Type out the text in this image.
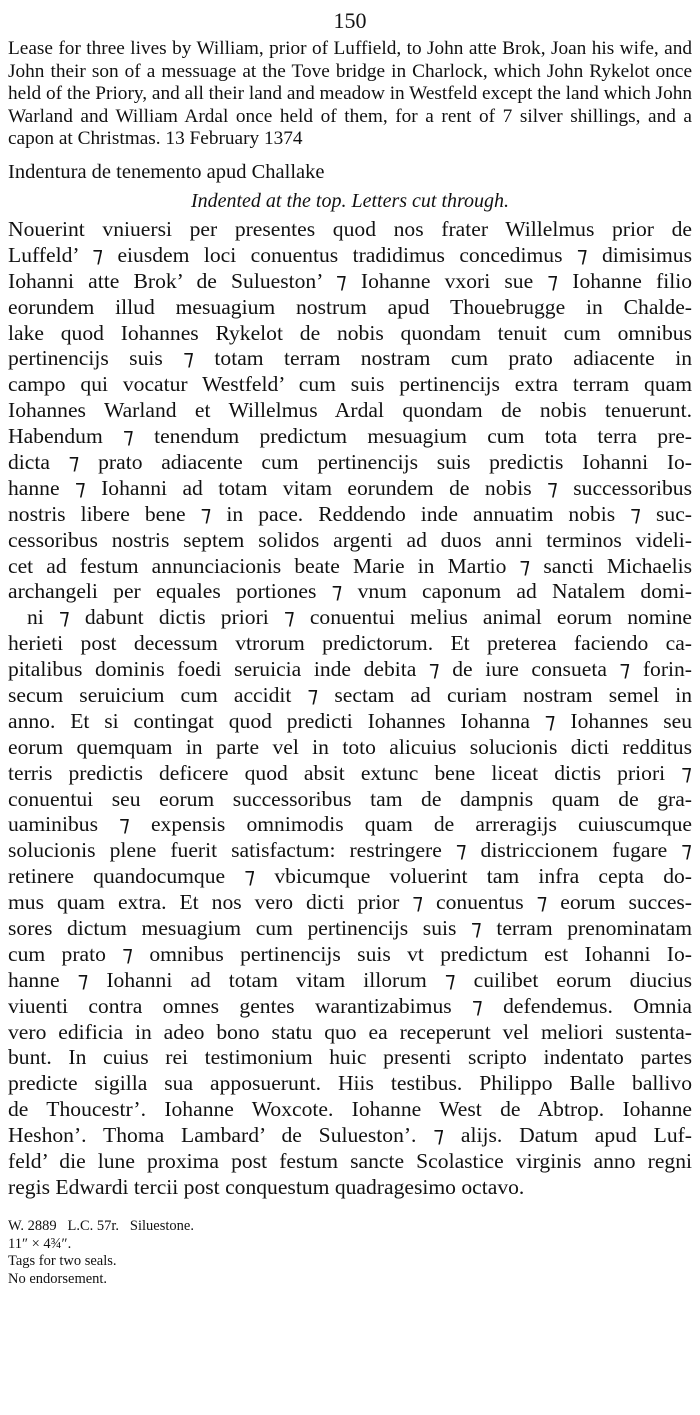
150

Lease for three lives by William, prior of Luffield, to John atte Brok, Joan his wife, and John their son of a messuage at the Tove bridge in Charlock, which John Rykelot once held of the Priory, and all their land and meadow in Westfeld except the land which John Warland and William Ardal once held of them, for a rent of 7 silver shillings, and a capon at Christmas. 13 February 1374

Indentura de tenemento apud Challake
Indented at the top. Letters cut through.
Nouerint vniuersi per presentes quod nos frater Willelmus prior de
Luffeld’ ⁊ eiusdem loci conuentus tradidimus concedimus ⁊ dimisimus
Iohanni atte Brok’ de Sulueston’ ⁊ Iohanne vxori sue ⁊ Iohanne filio
eorundem illud mesuagium nostrum apud Thouebrugge in Chalde-
lake quod Iohannes Rykelot de nobis quondam tenuit cum omnibus
pertinencijs suis ⁊ totam terram nostram cum prato adiacente in
campo qui vocatur Westfeld’ cum suis pertinencijs extra terram quam
Iohannes Warland et Willelmus Ardal quondam de nobis tenuerunt.
Habendum ⁊ tenendum predictum mesuagium cum tota terra pre-
dicta ⁊ prato adiacente cum pertinencijs suis predictis Iohanni Io-
hanne ⁊ Iohanni ad totam vitam eorundem de nobis ⁊ successoribus
nostris libere bene ⁊ in pace. Reddendo inde annuatim nobis ⁊ suc-
cessoribus nostris septem solidos argenti ad duos anni terminos videli-
cet ad festum annunciacionis beate Marie in Martio ⁊ sancti Michaelis
archangeli per equales portiones ⁊ vnum caponum ad Natalem domi-
ni ⁊ dabunt dictis priori ⁊ conuentui melius animal eorum nomine
herieti post decessum vtrorum predictorum. Et preterea faciendo ca-
pitalibus dominis foedi seruicia inde debita ⁊ de iure consueta ⁊ forin-
secum seruicium cum accidit ⁊ sectam ad curiam nostram semel in
anno. Et si contingat quod predicti Iohannes Iohanna ⁊ Iohannes seu
eorum quemquam in parte vel in toto alicuius solucionis dicti redditus
terris predictis deficere quod absit extunc bene liceat dictis priori ⁊
conuentui seu eorum successoribus tam de dampnis quam de gra-
uaminibus ⁊ expensis omnimodis quam de arreragijs cuiuscumque
solucionis plene fuerit satisfactum: restringere ⁊ districcionem fugare ⁊
retinere quandocumque ⁊ vbicumque voluerint tam infra cepta do-
mus quam extra. Et nos vero dicti prior ⁊ conuentus ⁊ eorum succes-
sores dictum mesuagium cum pertinencijs suis ⁊ terram prenominatam
cum prato ⁊ omnibus pertinencijs suis vt predictum est Iohanni Io-
hanne ⁊ Iohanni ad totam vitam illorum ⁊ cuilibet eorum diucius
viuenti contra omnes gentes warantizabimus ⁊ defendemus. Omnia
vero edificia in adeo bono statu quo ea receperunt vel meliori sustenta-
bunt. In cuius rei testimonium huic presenti scripto indentato partes
predicte sigilla sua apposuerunt. Hiis testibus. Philippo Balle ballivo
de Thoucestr’. Iohanne Woxcote. Iohanne West de Abtrop. Iohanne
Heshon’. Thoma Lambard’ de Sulueston’. ⁊ alijs. Datum apud Luf-
feld’ die lune proxima post festum sancte Scolastice virginis anno regni
regis Edwardi tercii post conquestum quadragesimo octavo.
W. 2889   L.C. 57r.   Siluestone.
11″ × 4¾″.
Tags for two seals.
No endorsement.
